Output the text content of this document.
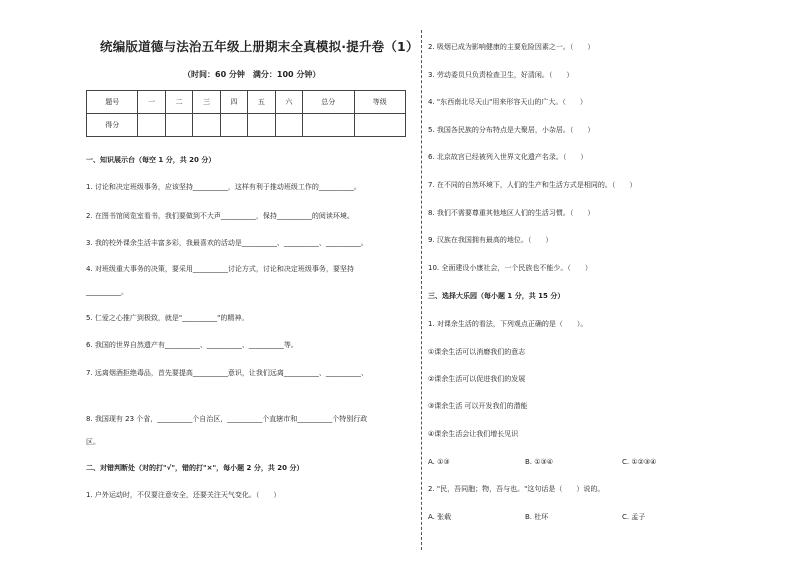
统编版道德与法治五年级上册期末全真模拟·提升卷（1）
（时间：60 分钟　满分：100 分钟）
题号	一	二	三	四	五	六	总分	等级
得分								
一、知识展示台（每空 1 分，共 20 分）
1. 讨论和决定班级事务，应该坚持__________，这样有利于推动班级工作的__________。
2. 在图书馆阅览室看书，我们要做到不大声__________，保持__________的阅读环境。
3. 我的校外课余生活丰富多彩，我最喜欢的活动是__________、__________、__________。
4. 对班级重大事务的决策，要采用__________讨论方式，讨论和决定班级事务，要坚持
__________。
5. 仁爱之心推广到极致，就是"__________"的精神。
6. 我国的世界自然遗产有__________、__________、__________等。
7. 远离烟酒拒绝毒品，首先要提高__________意识，让我们远离__________、__________、
8. 我国现有 23 个省，__________个自治区，__________个直辖市和__________个特别行政
区。
二、对错判断处（对的打"√"，错的打"×"，每小题 2 分，共 20 分）
1. 户外运动时，不仅要注意安全，还要关注天气变化。（　　）
2. 吸烟已成为影响健康的主要危险因素之一。（　　）
3. 劳动委员只负责检查卫生，好清闲。（　　）
4. "东西南北尽天山"用来形容天山的广大。（　　）
5. 我国各民族的分布特点是大聚居，小杂居。（　　）
6. 北京故宫已经被列入世界文化遗产名录。（　　）
7. 在不同的自然环境下，人们的生产和生活方式是相同的。（　　）
8. 我们不需要尊重其他地区人们的生活习惯。（　　）
9. 汉族在我国拥有最高的地位。（　　）
10. 全面建设小康社会，一个民族也不能少。（　　）
三、选择大乐园（每小题 1 分，共 15 分）
1. 对课余生活的看法，下列观点正确的是（　　）。
①课余生活可以消磨我们的意志
②课余生活可以促进我们的发展
③课余生活 可以开发我们的潜能
④课余生活会让我们增长见识
A. ①③	B. ①③④	C. ①②③④
2. "民，吾同胞；物，吾与也。"这句话是（　　）说的。
A. 张载	B. 杜环	C. 孟子
